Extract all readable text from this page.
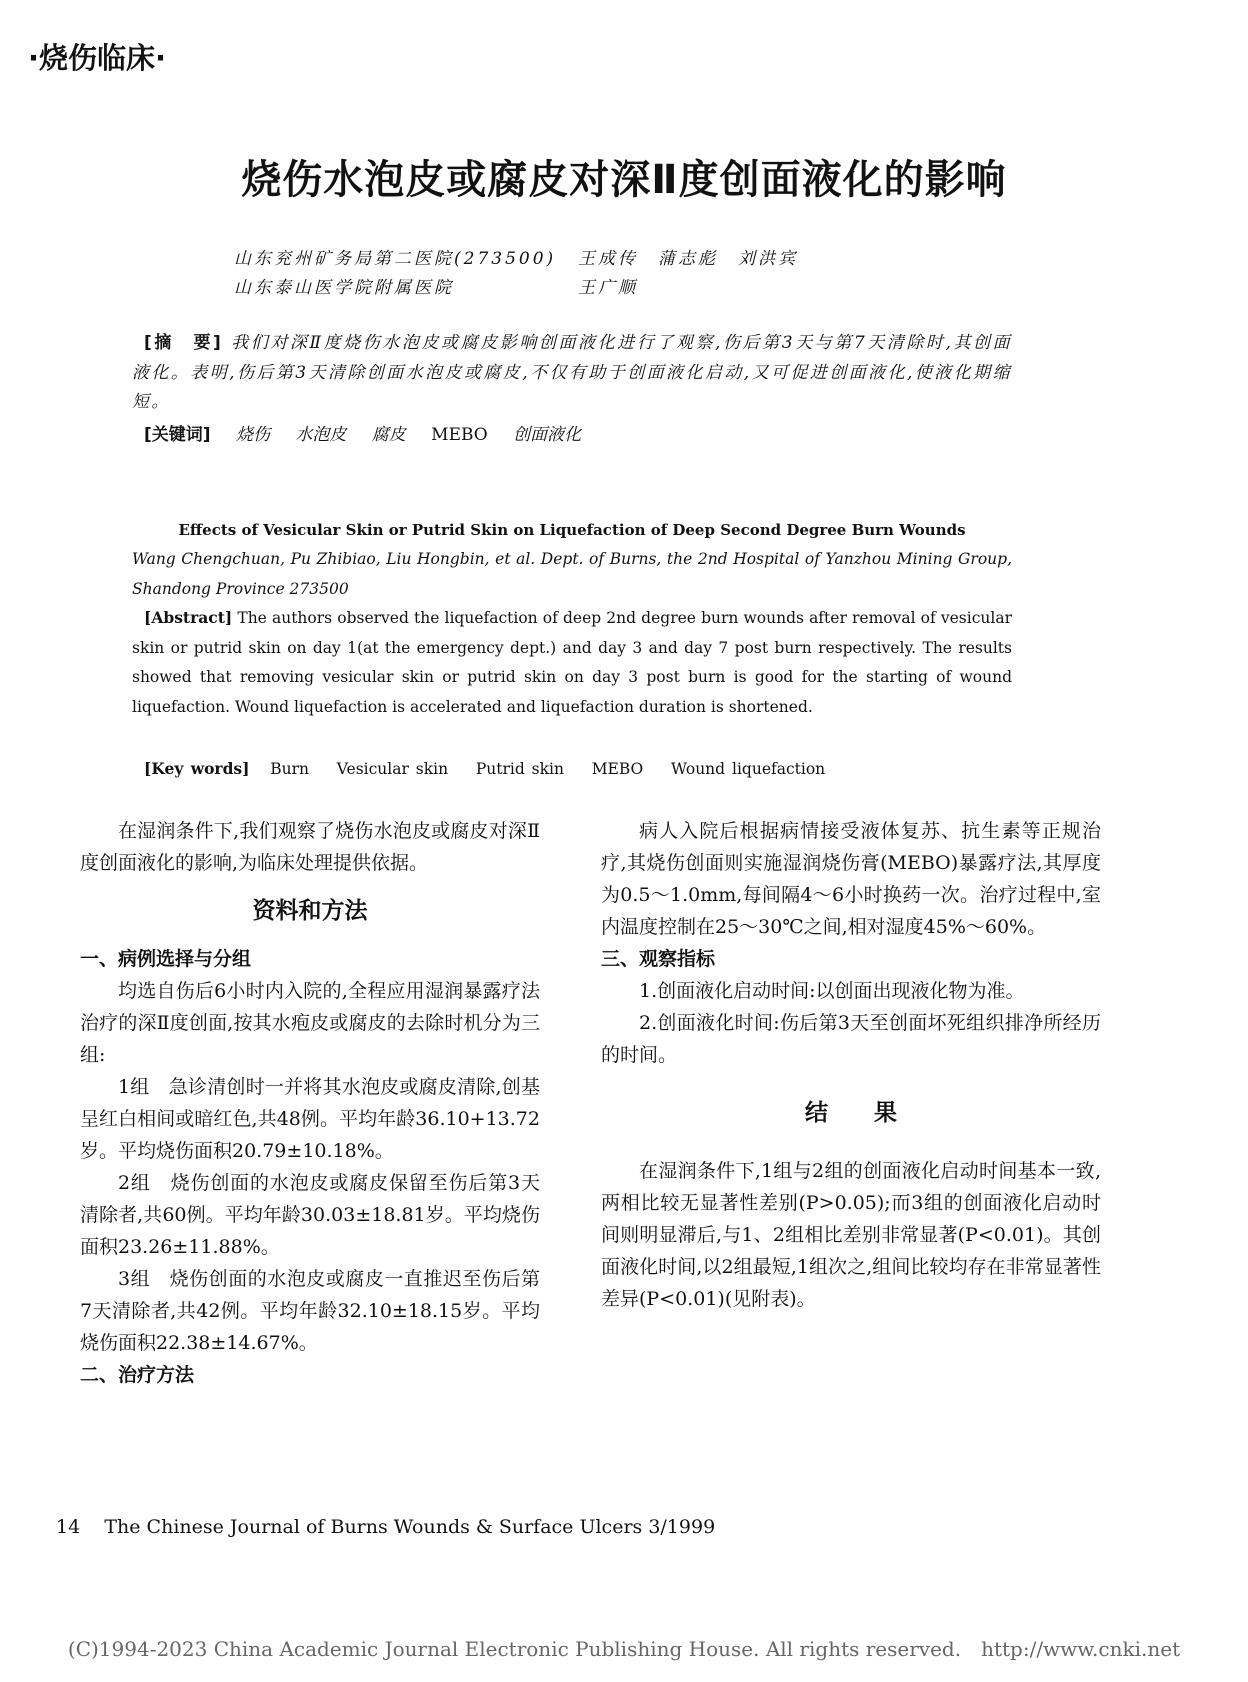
·烧伤临床·
烧伤水泡皮或腐皮对深Ⅱ度创面液化的影响
山东兖州矿务局第二医院(273500) 王成传　蒲志彪　刘洪宾
山东泰山医学院附属医院	王广顺
[摘　要] 我们对深Ⅱ度烧伤水泡皮或腐皮影响创面液化进行了观察,伤后第3天与第7天清除时,其创面液化。表明,伤后第3天清除创面水泡皮或腐皮,不仅有助于创面液化启动,又可促进创面液化,使液化期缩短。
[关键词] 烧伤 水泡皮 腐皮 MEBO 创面液化
Effects of Vesicular Skin or Putrid Skin on Liquefaction of Deep Second Degree Burn Wounds
Wang Chengchuan, Pu Zhibiao, Liu Hongbin, et al. Dept. of Burns, the 2nd Hospital of Yanzhou Mining Group, Shandong Province 273500
[Abstract] The authors observed the liquefaction of deep 2nd degree burn wounds after removal of vesicular skin or putrid skin on day 1(at the emergency dept.) and day 3 and day 7 post burn respectively. The results showed that removing vesicular skin or putrid skin on day 3 post burn is good for the starting of wound liquefaction. Wound liquefaction is accelerated and liquefaction duration is shortened.
[Key words] Burn Vesicular skin Putrid skin MEBO Wound liquefaction

在湿润条件下,我们观察了烧伤水泡皮或腐皮对深Ⅱ度创面液化的影响,为临床处理提供依据。

资料和方法

一、病例选择与分组

均选自伤后6小时内入院的,全程应用湿润暴露疗法治疗的深Ⅱ度创面,按其水疱皮或腐皮的去除时机分为三组:

1组　急诊清创时一并将其水泡皮或腐皮清除,创基呈红白相间或暗红色,共48例。平均年龄36.10+13.72岁。平均烧伤面积20.79±10.18%。

2组　烧伤创面的水泡皮或腐皮保留至伤后第3天清除者,共60例。平均年龄30.03±18.81岁。平均烧伤面积23.26±11.88%。

3组　烧伤创面的水泡皮或腐皮一直推迟至伤后第7天清除者,共42例。平均年龄32.10±18.15岁。平均烧伤面积22.38±14.67%。

二、治疗方法

病人入院后根据病情接受液体复苏、抗生素等正规治疗,其烧伤创面则实施湿润烧伤膏(MEBO)暴露疗法,其厚度为0.5～1.0mm,每间隔4～6小时换药一次。治疗过程中,室内温度控制在25～30℃之间,相对湿度45%～60%。

三、观察指标

1.创面液化启动时间:以创面出现液化物为准。

2.创面液化时间:伤后第3天至创面坏死组织排净所经历的时间。

结　　果

在湿润条件下,1组与2组的创面液化启动时间基本一致,两相比较无显著性差别(P>0.05);而3组的创面液化启动时间则明显滞后,与1、2组相比差别非常显著(P<0.01)。其创面液化时间,以2组最短,1组次之,组间比较均存在非常显著性差异(P<0.01)(见附表)。

14 The Chinese Journal of Burns Wounds & Surface Ulcers 3/1999
(C)1994-2023 China Academic Journal Electronic Publishing House. All rights reserved.　http://www.cnki.net
